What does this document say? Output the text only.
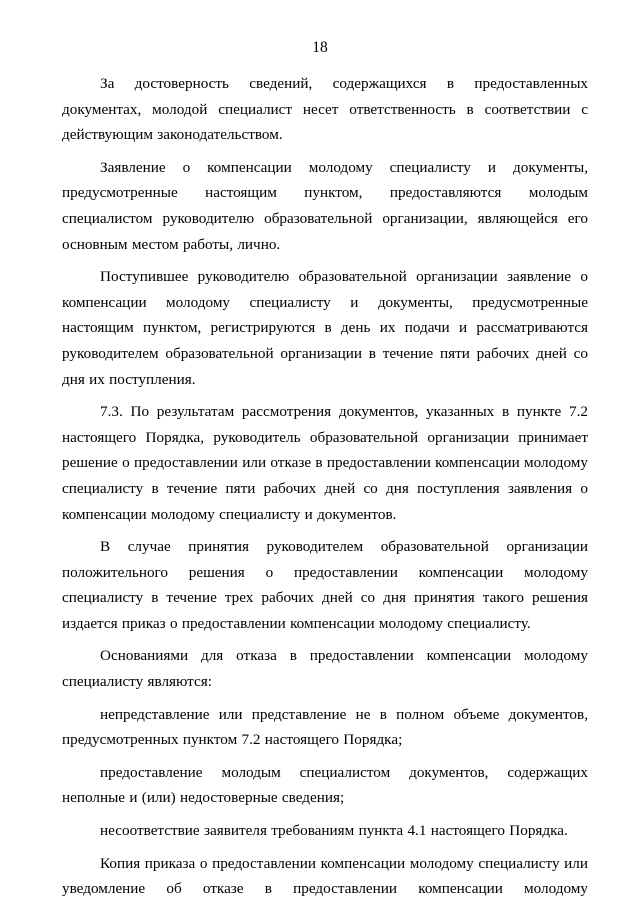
18

За достоверность сведений, содержащихся в предоставленных документах, молодой специалист несет ответственность в соответствии с действующим законодательством.

Заявление о компенсации молодому специалисту и документы, предусмотренные настоящим пунктом, предоставляются молодым специалистом руководителю образовательной организации, являющейся его основным местом работы, лично.

Поступившее руководителю образовательной организации заявление о компенсации молодому специалисту и документы, предусмотренные настоящим пунктом, регистрируются в день их подачи и рассматриваются руководителем образовательной организации в течение пяти рабочих дней со дня их поступления.

7.3. По результатам рассмотрения документов, указанных в пункте 7.2 настоящего Порядка, руководитель образовательной организации принимает решение о предоставлении или отказе в предоставлении компенсации молодому специалисту в течение пяти рабочих дней со дня поступления заявления о компенсации молодому специалисту и документов.

В случае принятия руководителем образовательной организации положительного решения о предоставлении компенсации молодому специалисту в течение трех рабочих дней со дня принятия такого решения издается приказ о предоставлении компенсации молодому специалисту.

Основаниями для отказа в предоставлении компенсации молодому специалисту являются:

непредставление или представление не в полном объеме документов, предусмотренных пунктом 7.2 настоящего Порядка;

предоставление молодым специалистом документов, содержащих неполные и (или) недостоверные сведения;

несоответствие заявителя требованиям пункта 4.1 настоящего Порядка.

Копия приказа о предоставлении компенсации молодому специалисту или уведомление об отказе в предоставлении компенсации молодому
